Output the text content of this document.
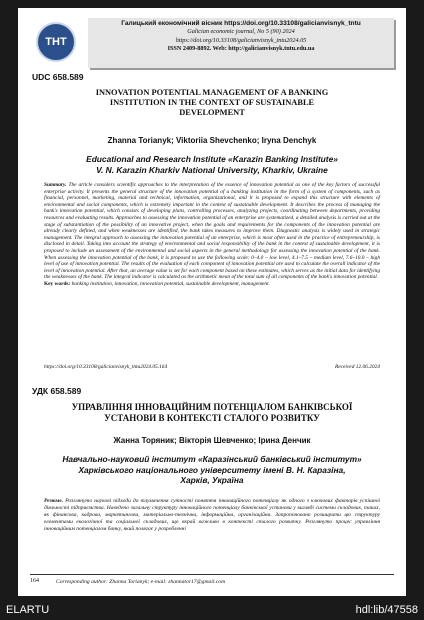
ТНТ
Галицький економічний вісник https://doi.org/10.33108/galicianvisnyk_tntu
Galician economic journal, No 5 (90) 2024
https://doi.org/10.33108/galicianvisnyk_tntu2024.05
ISSN 2409-8892. Web: http://galicianvisnyk.tntu.edu.ua
UDC 658.589
INNOVATION POTENTIAL MANAGEMENT OF A BANKING
INSTITUTION IN THE CONTEXT OF SUSTAINABLE
DEVELOPMENT
Zhanna Torianyk; Viktoriia Shevchenko; Iryna Denchyk
Educational and Research Institute «Karazin Banking Institute»
V. N. Karazin Kharkiv National University, Kharkiv, Ukraine
Summary. The article considers scientific approaches to the interpretation of the essence of innovation potential as one of the key factors of successful enterprise activity. It presents the general structure of the innovation potential of a banking institution in the form of a system of components, such as financial, personnel, marketing, material and technical, information, organizational, and it is proposed to expand this structure with elements of environmental and social components, which is extremely important in the context of sustainable development. It describes the process of managing the bank's innovation potential, which consists of developing plans, controlling processes, analyzing projects, coordinating between departments, providing resources and evaluating results. Approaches to assessing the innovation potential of an enterprise are systematized, a detailed analysis is carried out at the stage of substantiation of the possibility of an innovative project, when the goals and requirements for the components of the innovation potential are already clearly defined, and when weaknesses are identified, the bank takes measures to improve them. Diagnostic analysis is widely used in strategic management. The integral approach to assessing the innovation potential of an enterprise, which is most often used in the practice of entrepreneurship, is disclosed in detail. Taking into account the strategy of environmental and social responsibility of the bank in the context of sustainable development, it is proposed to include an assessment of the environmental and social aspects in the general methodology for assessing the innovation potential of the bank. When assessing the innovation potential of the bank, it is proposed to use the following scale: 0–4.0 – low level, 4.1–7.5 – medium level, 7.6–10.0 – high level of use of innovation potential. The results of the evaluation of each component of innovation potential are used to calculate the overall indicator of the level of innovation potential. After that, an average value is set for each component based on these estimates, which serves as the initial data for identifying the weaknesses of the bank. The integral indicator is calculated as the arithmetic mean of the total sum of all components of the bank's innovation potential.
Key words: banking institution, innovation, innovation potential, sustainable development, management.
https://doi.org/10.33108/galicianvisnyk_tntu2024.05.164	Received 12.06.2024
УДК 658.589
УПРАВЛІННЯ ІННОВАЦІЙНИМ ПОТЕНЦІАЛОМ БАНКІВСЬКОЇ
УСТАНОВИ В КОНТЕКСТІ СТАЛОГО РОЗВИТКУ
Жанна Торяник; Вікторія Шевченко; Ірина Денчик
Навчально-науковий інститут «Каразінський банківський інститут»
Харківського національного університету імені В. Н. Каразіна,
Харків, Україна
Резюме. Розглянуто наукові підходи до тлумачення сутності поняття інноваційного потенціалу як одного з ключових факторів успішної діяльності підприємства. Наведено загальну структуру інноваційного потенціалу банківської установи у вигляді системи складових, таких, як фінансова, кадрова, маркетингова, матеріально-технічна, інформаційна, організаційна. Запропоновано розширити цю структуру елементами екологічної та соціальної складових, що вкрай важливо в контексті сталого розвитку. Розглянуто процес управління інноваційним потенціалом банку, який полягає у розробленні
164	Corresponding author: Zhanna Torianyk; e-mail: zhannator17@gmail.com
ELARTU	hdl:lib/47558
